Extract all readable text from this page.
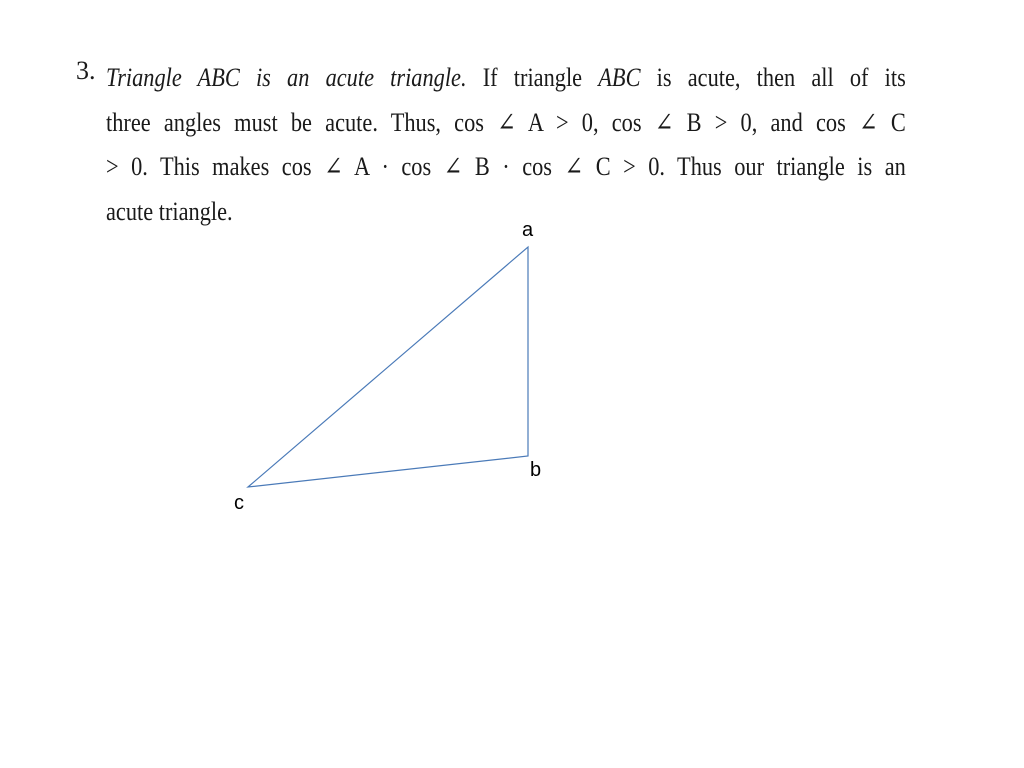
3. Triangle ABC is an acute triangle. If triangle ABC is acute, then all of its
three angles must be acute. Thus, cos ∠ A > 0, cos ∠ B > 0, and cos ∠ C
> 0. This makes cos ∠ A · cos ∠ B · cos ∠ C > 0. Thus our triangle is an
acute triangle.
a
b
c
